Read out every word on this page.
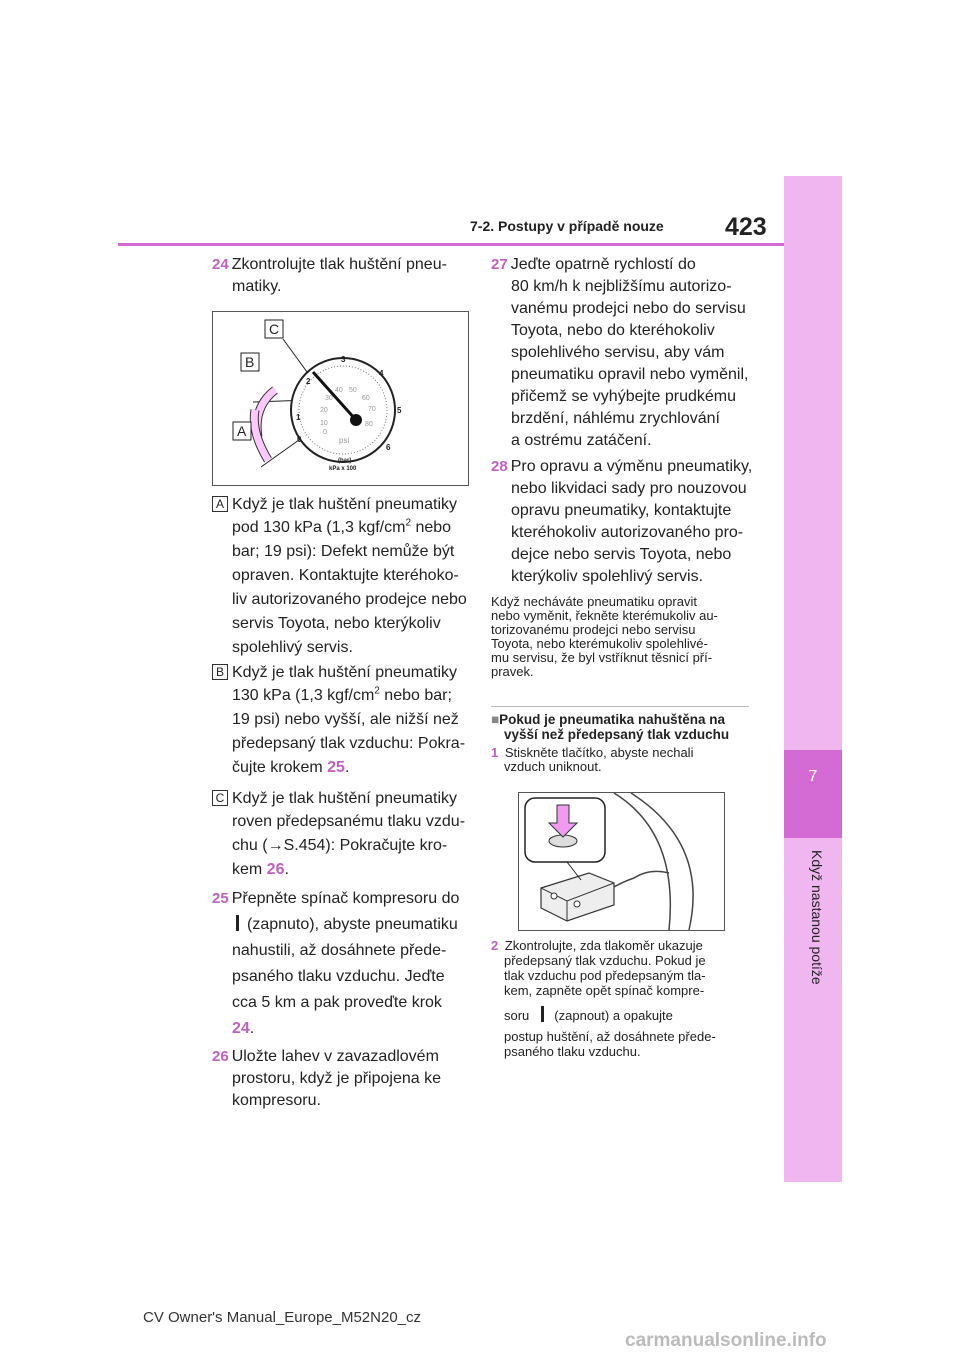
7
Když nastanou potíže
7-2. Postupy v případě nouze 423
24 Zkontrolujte tlak huštění pneu-
matiky.
0
1
2
3
4
5
6
0
10
20
30
40 50
60
70
80
psi
(bar)
kPa x 100
C
B
A
A Když je tlak huštění pneumatiky

pod 130 kPa (1,3 kgf/$cm^2$ nebo
bar; 19 psi): Defekt nemůže být
opraven. Kontaktujte kteréhoko-
liv autorizovaného prodejce nebo
servis Toyota, nebo kterýkoliv
spolehlivý servis.
B Když je tlak huštění pneumatiky

130 kPa (1,3 kgf/$cm^2$ nebo bar;
19 psi) nebo vyšší, ale nižší než
předepsaný tlak vzduchu: Pokra-
čujte krokem 25.
C Když je tlak huštění pneumatiky

roven předepsanému tlaku vzdu-
chu (→S.454): Pokračujte kro-
kem 26.
25 Přepněte spínač kompresoru do

(zapnuto), abyste pneumatiku
nahustili, až dosáhnete přede-
psaného tlaku vzduchu. Jeďte
cca 5 km a pak proveďte krok
24.
26 Uložte lahev v zavazadlovém

prostoru, když je připojena ke
kompresoru.
27 Jeďte opatrně rychlostí do

80 km/h k nejbližšímu autorizo-
vanému prodejci nebo do servisu
Toyota, nebo do kteréhokoliv
spolehlivého servisu, aby vám
pneumatiku opravil nebo vyměnil,
přičemž se vyhýbejte prudkému
brzdění, náhlému zrychlování
a ostrému zatáčení.
28 Pro opravu a výměnu pneumatiky,

nebo likvidaci sady pro nouzovou
opravu pneumatiky, kontaktujte
kteréhokoliv autorizovaného pro-
dejce nebo servis Toyota, nebo
kterýkoliv spolehlivý servis.
Když necháváte pneumatiku opravit
nebo vyměnit, řekněte kterémukoliv au-
torizovanému prodejci nebo servisu
Toyota, nebo kterémukoliv spolehlivé-
mu servisu, že byl vstříknut těsnicí pří-
pravek.
■Pokud je pneumatika nahuštěna na
vyšší než předepsaný tlak vzduchu
1 Stiskněte tlačítko, abyste nechali
vzduch uniknout.
2 Zkontrolujte, zda tlakoměr ukazuje

předepsaný tlak vzduchu. Pokud je
tlak vzduchu pod předepsaným tla-
kem, zapněte opět spínač kompre-

soru (zapnout) a opakujte

postup huštění, až dosáhnete přede-
psaného tlaku vzduchu.
CV Owner's Manual_Europe_M52N20_cz
carmanualsonline.info
